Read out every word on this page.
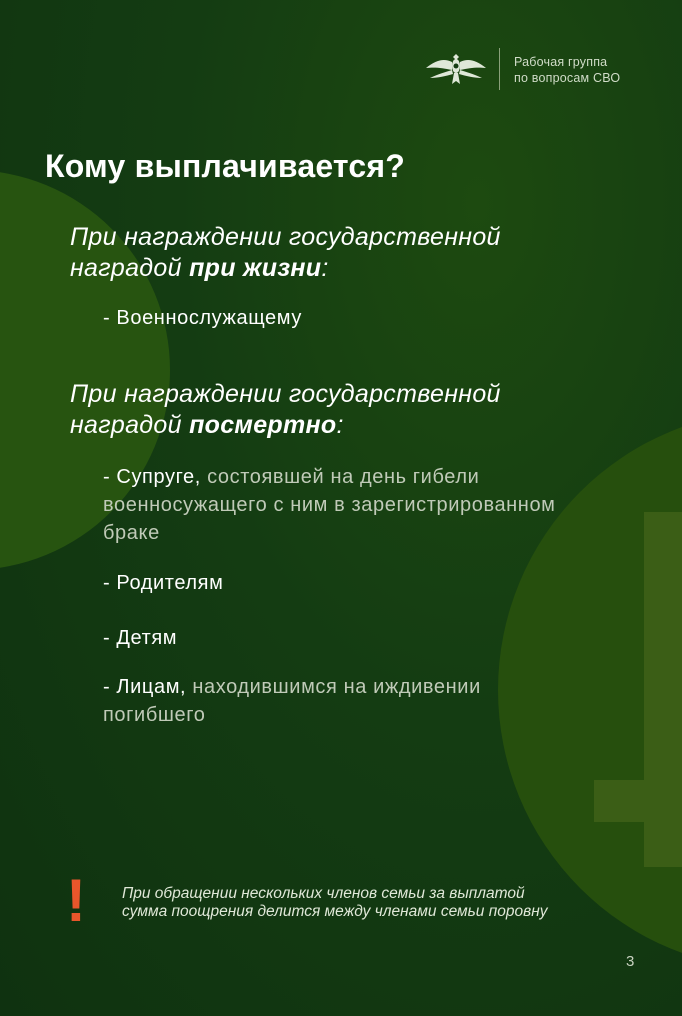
Рабочая группа
по вопросам СВО
Кому выплачивается?
При награждении государственной
наградой при жизни:
- Военнослужащему
При награждении государственной
наградой посмертно:
- Супруге, состоявшей на день гибели военносужащего с ним в зарегистрированном браке
- Родителям
- Детям
- Лицам, находившимся на иждивении погибшего
! При обращении нескольких членов семьи за выплатой
сумма поощрения делится между членами семьи поровну
3
